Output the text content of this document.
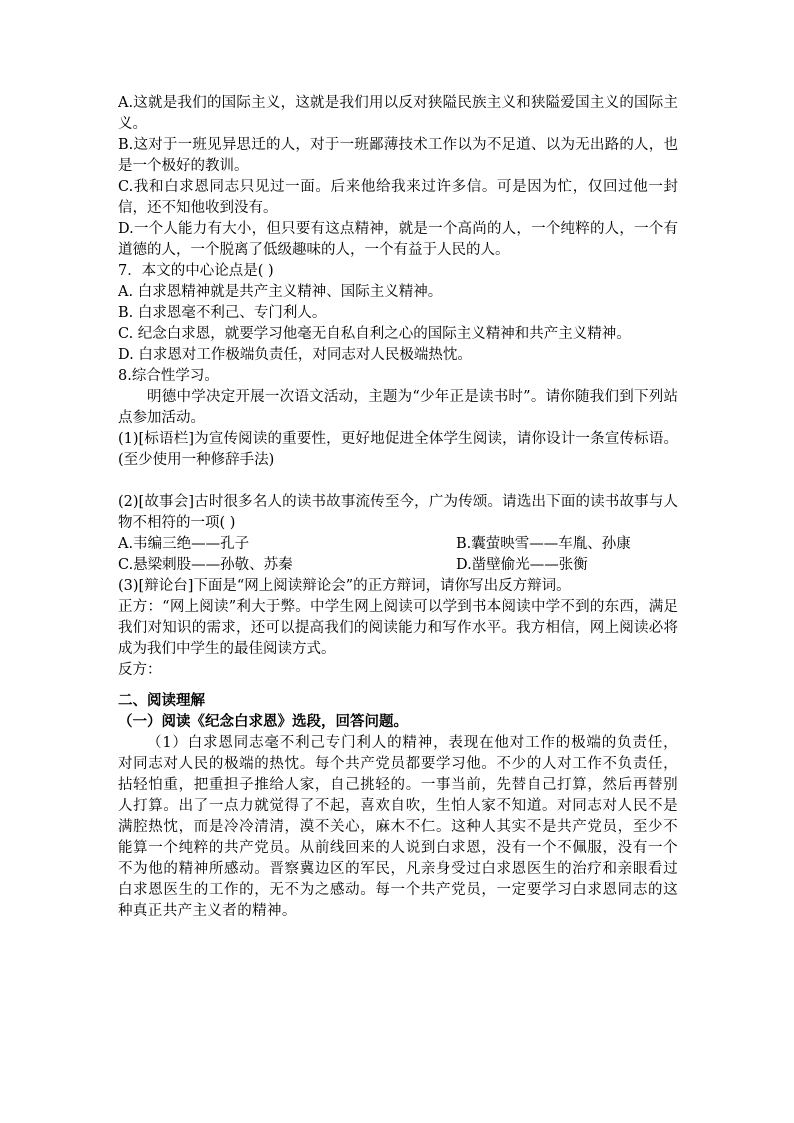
A.这就是我们的国际主义，这就是我们用以反对狭隘民族主义和狭隘爱国主义的国际主义。
B.这对于一班见异思迁的人，对于一班鄙薄技术工作以为不足道、以为无出路的人，也是一个极好的教训。
C.我和白求恩同志只见过一面。后来他给我来过许多信。可是因为忙，仅回过他一封信，还不知他收到没有。
D.一个人能力有大小，但只要有这点精神，就是一个高尚的人，一个纯粹的人，一个有道德的人，一个脱离了低级趣味的人，一个有益于人民的人。
7．本文的中心论点是( )
A. 白求恩精神就是共产主义精神、国际主义精神。
B. 白求恩毫不利己、专门利人。
C. 纪念白求恩，就要学习他毫无自私自利之心的国际主义精神和共产主义精神。
D. 白求恩对工作极端负责任，对同志对人民极端热忱。
8.综合性学习。
明德中学决定开展一次语文活动，主题为“少年正是读书时”。请你随我们到下列站点参加活动。
(1)[标语栏]为宣传阅读的重要性，更好地促进全体学生阅读，请你设计一条宣传标语。(至少使用一种修辞手法)
(2)[故事会]古时很多名人的读书故事流传至今，广为传颂。请选出下面的读书故事与人物不相符的一项( )
A.韦编三绝——孔子	B.囊萤映雪——车胤、孙康
C.悬梁刺股——孙敬、苏秦	D.凿壁偷光——张衡
(3)[辩论台]下面是“网上阅读辩论会”的正方辩词，请你写出反方辩词。
正方：“网上阅读”利大于弊。中学生网上阅读可以学到书本阅读中学不到的东西，满足我们对知识的需求，还可以提高我们的阅读能力和写作水平。我方相信，网上阅读必将成为我们中学生的最佳阅读方式。
反方：
二、阅读理解
（一）阅读《纪念白求恩》选段，回答问题。
（1）白求恩同志毫不利己专门利人的精神，表现在他对工作的极端的负责任，对同志对人民的极端的热忱。每个共产党员都要学习他。不少的人对工作不负责任，拈轻怕重，把重担子推给人家，自己挑轻的。一事当前，先替自己打算，然后再替别人打算。出了一点力就觉得了不起，喜欢自吹，生怕人家不知道。对同志对人民不是满腔热忱，而是冷冷清清，漠不关心，麻木不仁。这种人其实不是共产党员，至少不能算一个纯粹的共产党员。从前线回来的人说到白求恩，没有一个不佩服，没有一个不为他的精神所感动。晋察冀边区的军民，凡亲身受过白求恩医生的治疗和亲眼看过白求恩医生的工作的，无不为之感动。每一个共产党员，一定要学习白求恩同志的这种真正共产主义者的精神。
